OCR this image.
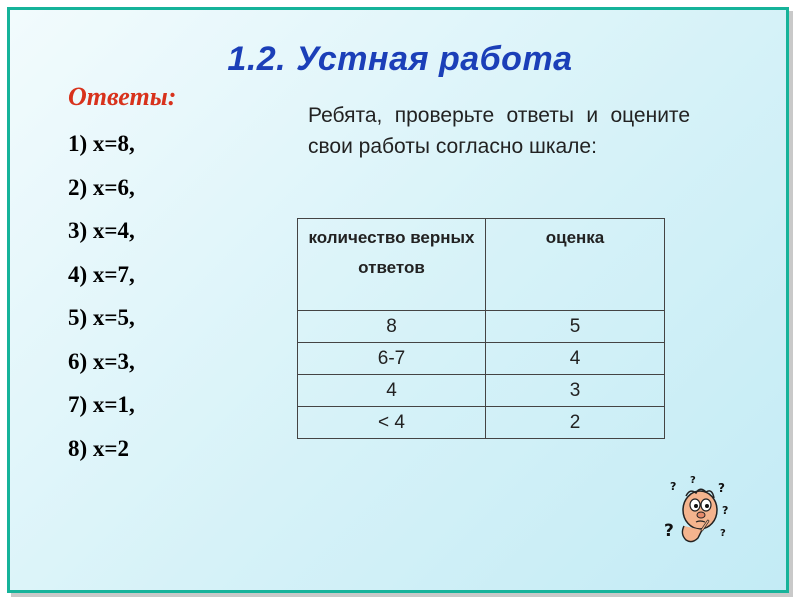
1.2. Устная работа
Ответы:
1) х=8,
2) х=6,
3) х=4,
4) х=7,
5) х=5,
6) х=3,
7) х=1,
8) х=2
Ребята, проверьте ответы и оцените свои работы согласно шкале:
количество верных ответов	оценка
8	5
6-7	4
4	3
< 4	2
? ?
?
?
?
?
